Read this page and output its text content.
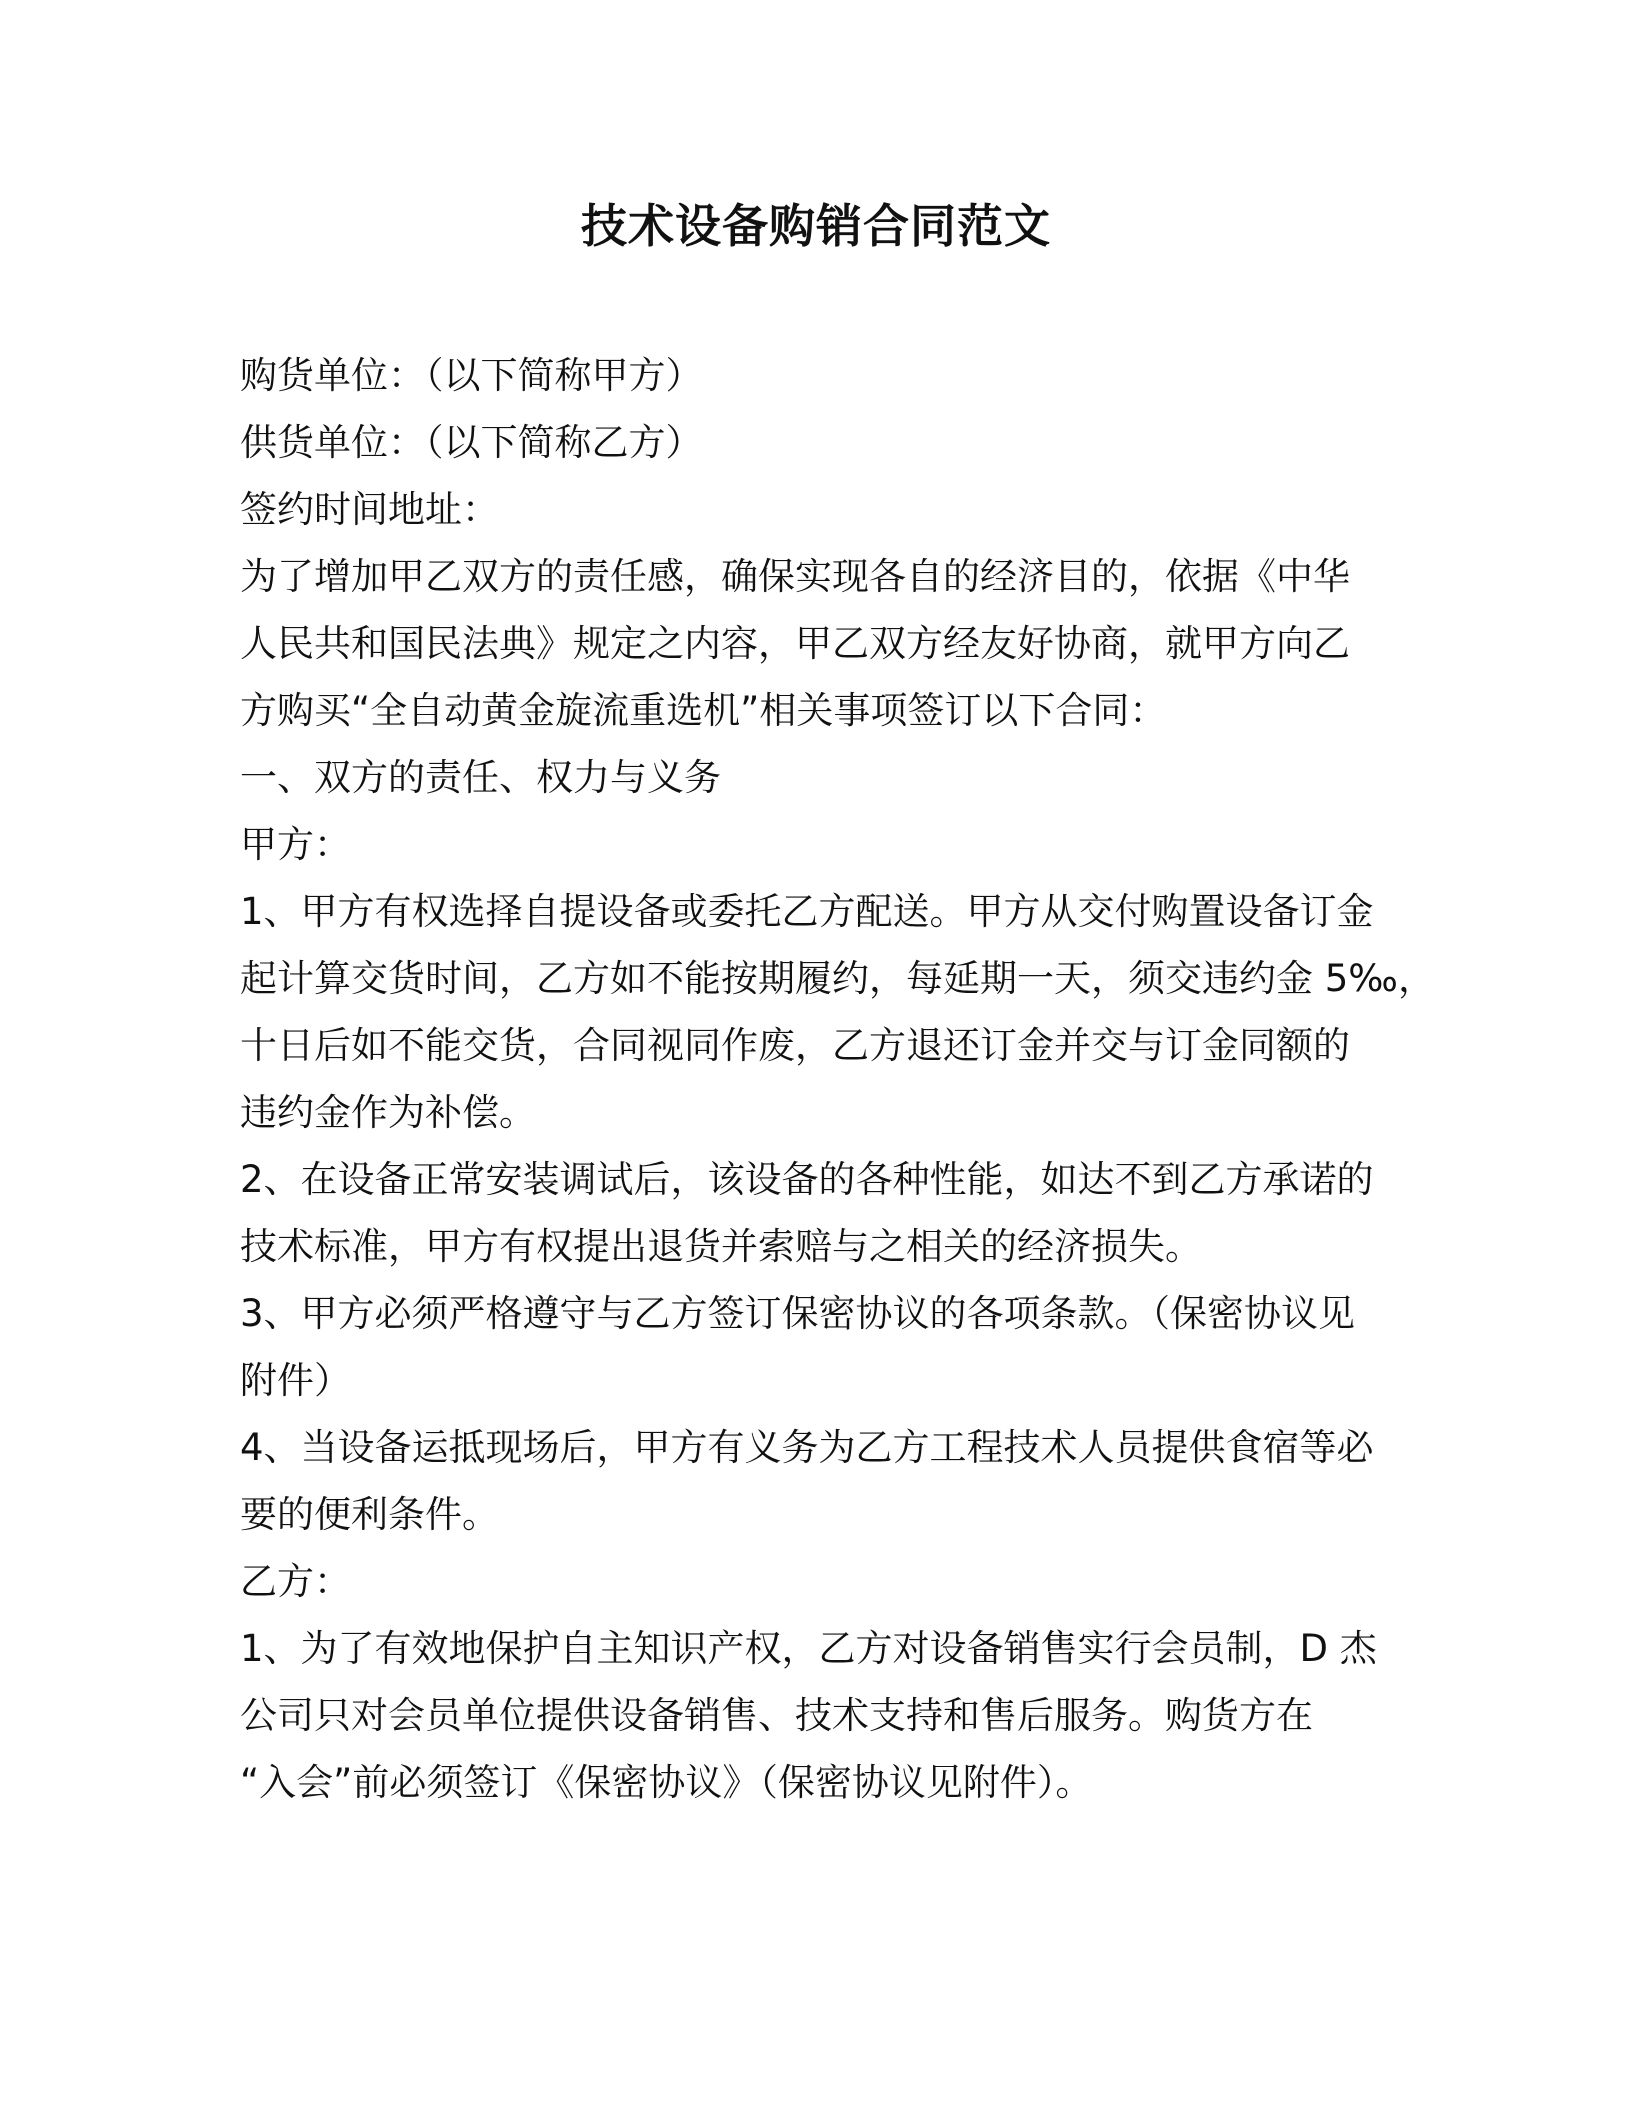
技术设备购销合同范文
购货单位：（以下简称甲方）
供货单位：（以下简称乙方）
签约时间地址：
为了增加甲乙双方的责任感，确保实现各自的经济目的，依据《中华
人民共和国民法典》规定之内容，甲乙双方经友好协商，就甲方向乙
方购买“全自动黄金旋流重选机”相关事项签订以下合同：
一、双方的责任、权力与义务
甲方：
1、甲方有权选择自提设备或委托乙方配送。甲方从交付购置设备订金
起计算交货时间，乙方如不能按期履约，每延期一天，须交违约金 5‰，
十日后如不能交货，合同视同作废，乙方退还订金并交与订金同额的
违约金作为补偿。
2、在设备正常安装调试后，该设备的各种性能，如达不到乙方承诺的
技术标准，甲方有权提出退货并索赔与之相关的经济损失。
3、甲方必须严格遵守与乙方签订保密协议的各项条款。（保密协议见
附件）
4、当设备运抵现场后，甲方有义务为乙方工程技术人员提供食宿等必
要的便利条件。
乙方：
1、为了有效地保护自主知识产权，乙方对设备销售实行会员制，D 杰
公司只对会员单位提供设备销售、技术支持和售后服务。购货方在
“入会”前必须签订《保密协议》（保密协议见附件）。
